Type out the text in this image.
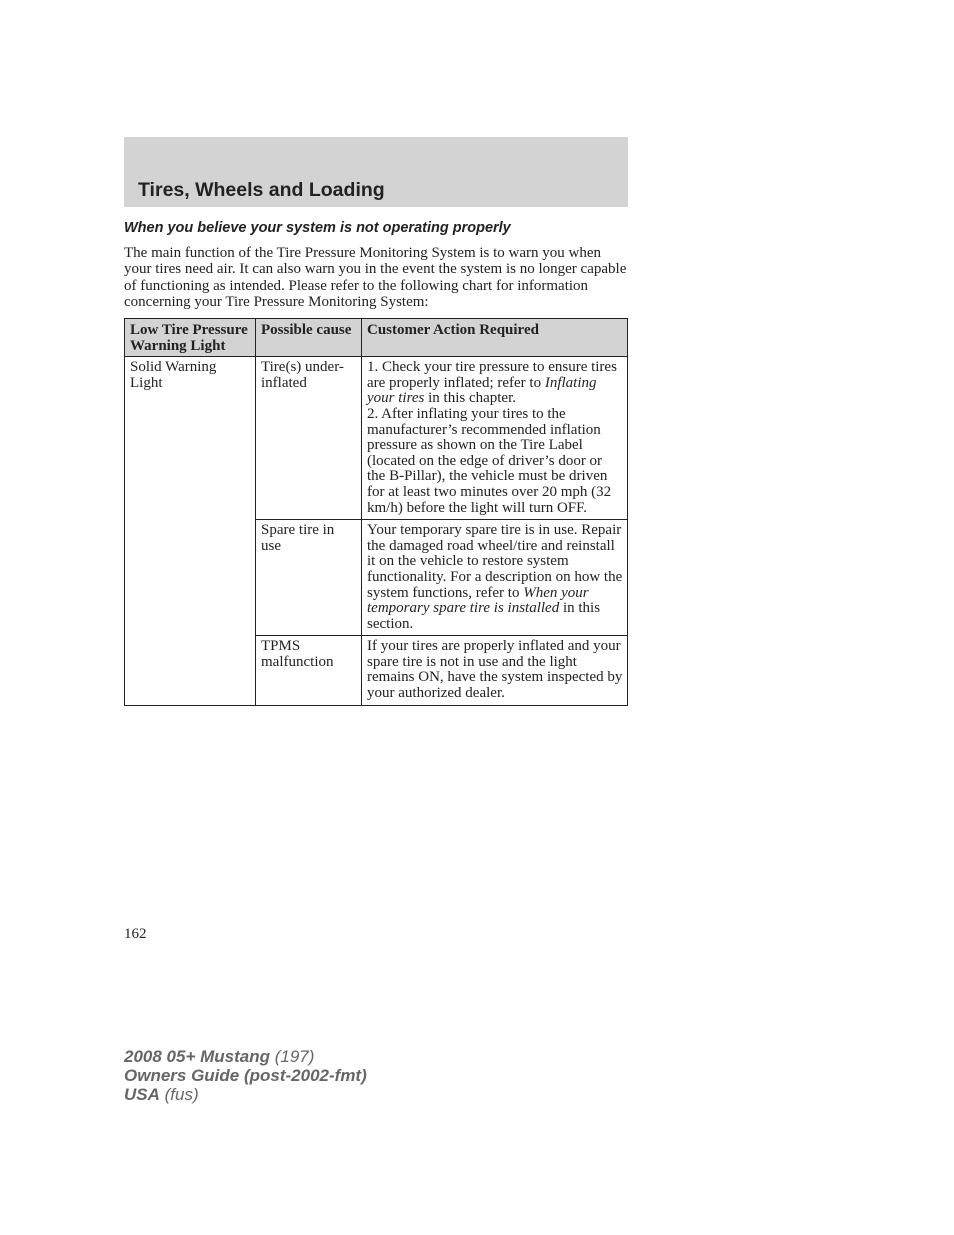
Tires, Wheels and Loading
When you believe your system is not operating properly

The main function of the Tire Pressure Monitoring System is to warn you when your tires need air. It can also warn you in the event the system is no longer capable of functioning as intended. Please refer to the following chart for information concerning your Tire Pressure Monitoring System:

Low Tire Pressure Warning Light	Possible cause	Customer Action Required
Solid Warning Light	Tire(s) under-inflated	1. Check your tire pressure to ensure tires are properly inflated; refer to Inflating your tires in this chapter.
2. After inflating your tires to the manufacturer’s recommended inflation pressure as shown on the Tire Label (located on the edge of driver’s door or the B-Pillar), the vehicle must be driven for at least two minutes over 20 mph (32 km/h) before the light will turn OFF.

	Spare tire in use	Your temporary spare tire is in use. Repair the damaged road wheel/tire and reinstall it on the vehicle to restore system functionality. For a description on how the system functions, refer to When your temporary spare tire is installed in this section.
	TPMS malfunction	If your tires are properly inflated and your spare tire is not in use and the light remains ON, have the system inspected by your authorized dealer.

162

2008 05+ Mustang (197)
Owners Guide (post-2002-fmt)
USA (fus)
